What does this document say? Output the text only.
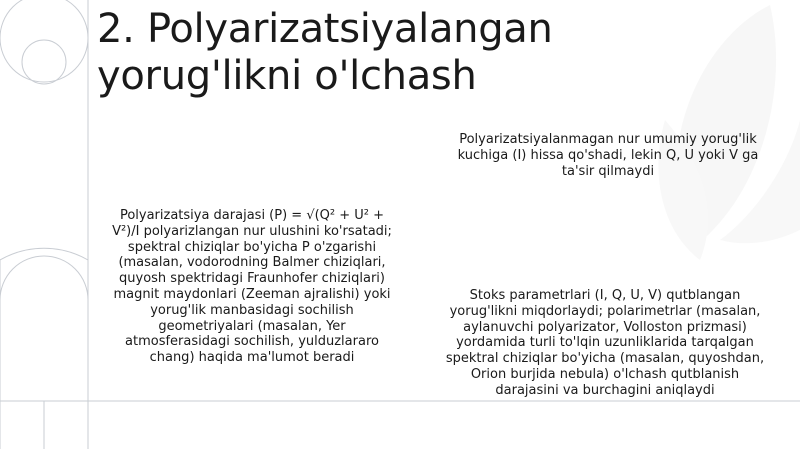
2. Polyarizatsiyalangan yorug'likni o'lchash

Polyarizatsiyalanmagan nur umumiy yorug'lik kuchiga (I) hissa qo'shadi, lekin Q, U yoki V ga ta'sir qilmaydi

Polyarizatsiya darajasi (P) = √(Q² + U² + V²)/I polyarizlangan nur ulushini ko'rsatadi; spektral chiziqlar bo'yicha P o'zgarishi (masalan, vodorodning Balmer chiziqlari, quyosh spektridagi Fraunhofer chiziqlari) magnit maydonlari (Zeeman ajralishi) yoki yorug'lik manbasidagi sochilish geometriyalari (masalan, Yer atmosferasidagi sochilish, yulduzlararo chang) haqida ma'lumot beradi

Stoks parametrlari (I, Q, U, V) qutblangan yorug'likni miqdorlaydi; polarimetrlar (masalan, aylanuvchi polyarizator, Volloston prizmasi) yordamida turli to'lqin uzunliklarida tarqalgan spektral chiziqlar bo'yicha (masalan, quyoshdan, Orion burjida nebula) o'lchash qutblanish darajasini va burchagini aniqlaydi
